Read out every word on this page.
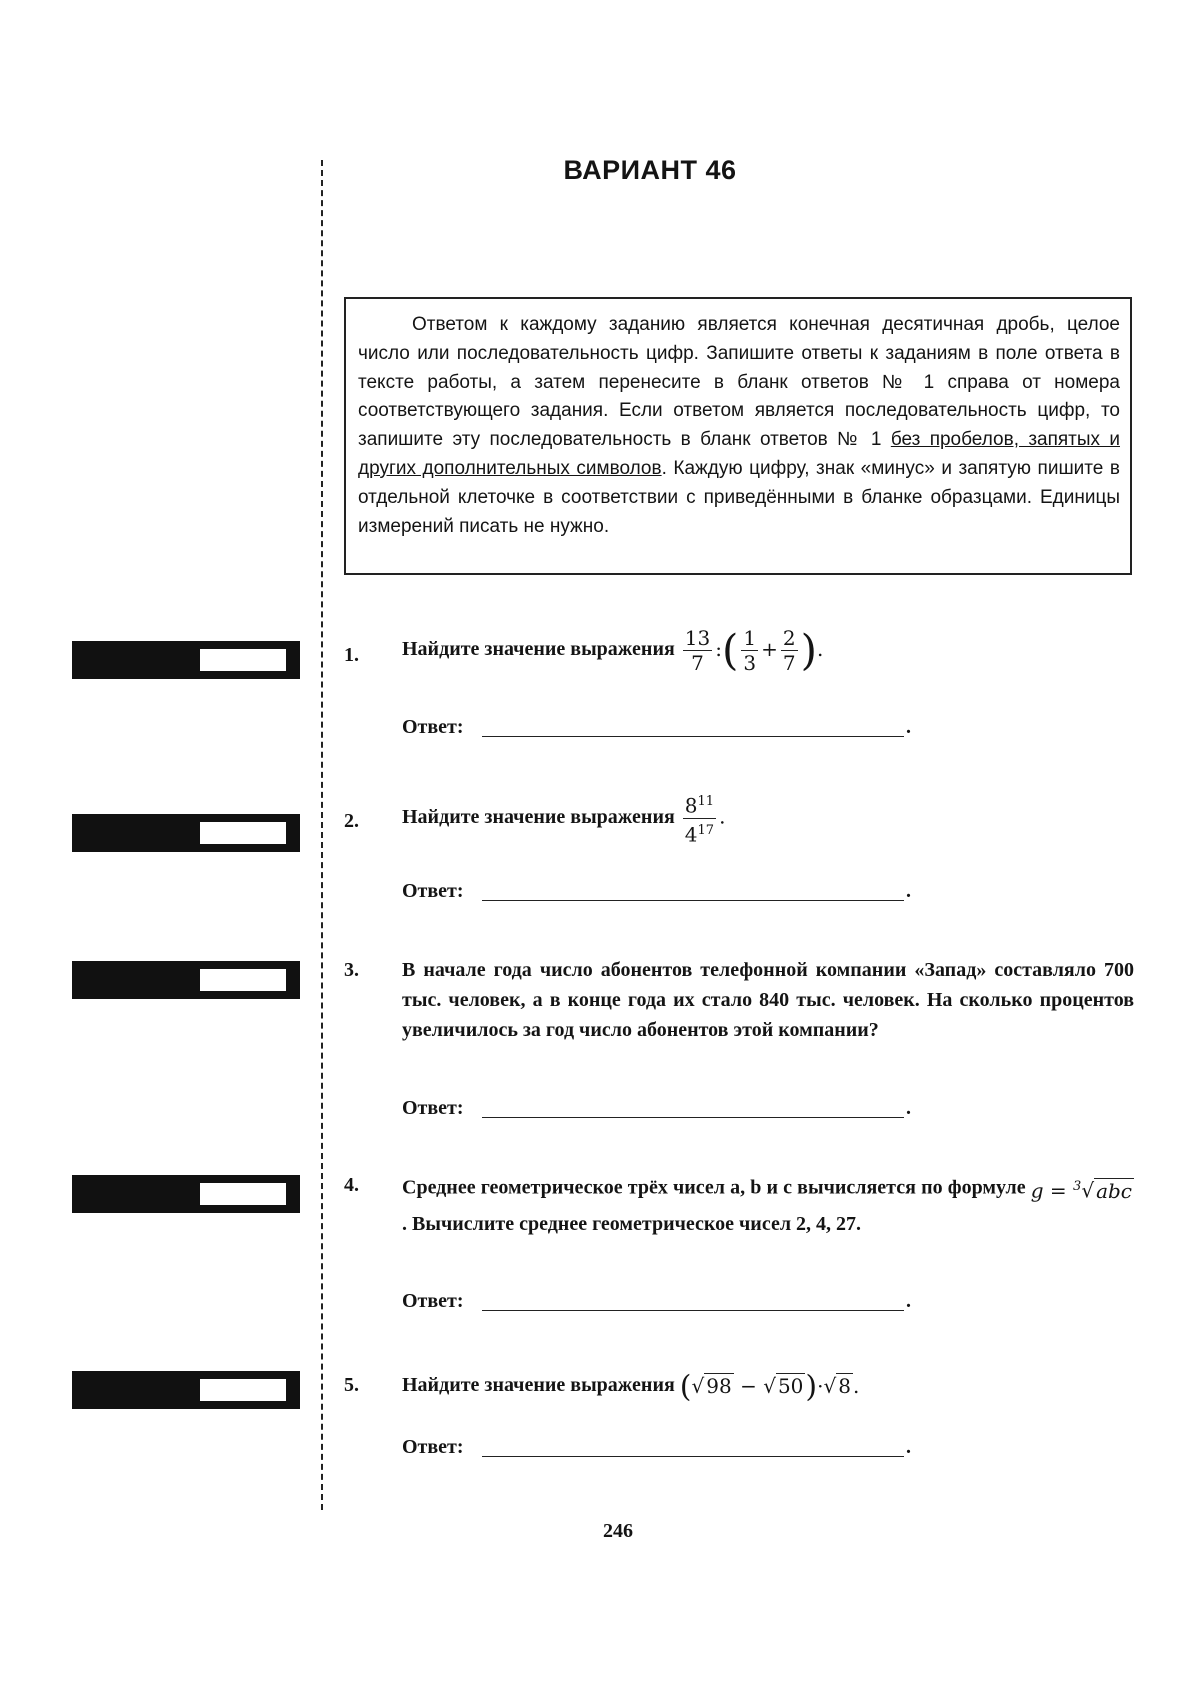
ВАРИАНТ 46
Ответом к каждому заданию является конечная десятичная дробь, целое число или последовательность цифр. Запишите ответы к заданиям в поле ответа в тексте работы, а затем перенесите в бланк ответов № 1 справа от номера соответствующего задания. Если ответом является последовательность цифр, то запишите эту последовательность в бланк ответов № 1 без пробелов, запятых и других дополнительных символов. Каждую цифру, знак «минус» и запятую пишите в отдельной клеточке в соответствии с приведёнными в бланке образцами. Единицы измерений писать не нужно.
1.	Найдите значение выражения $\frac{13}{7}$ :( $\frac{1}{3} + \frac{2}{7}$ ).
Ответ:	.
2.	Найдите значение выражения $\frac{8^{11}}{4^{17}}$ .
Ответ:	.
3.	В начале года число абонентов телефонной компании «Запад» составляло 700 тыс. человек, а в конце года их стало 840 тыс. человек. На сколько процентов увеличилось за год число абонентов этой компании?
Ответ:	.
4.	Среднее геометрическое трёх чисел a, b и c вычисляется по формуле g = $^3$√ abc. Вычислите среднее геометрическое чисел 2, 4, 27.
Ответ:	.
5.	Найдите значение выражения (√ 98 − √ 50)·√ 8 .
Ответ:	.
246
